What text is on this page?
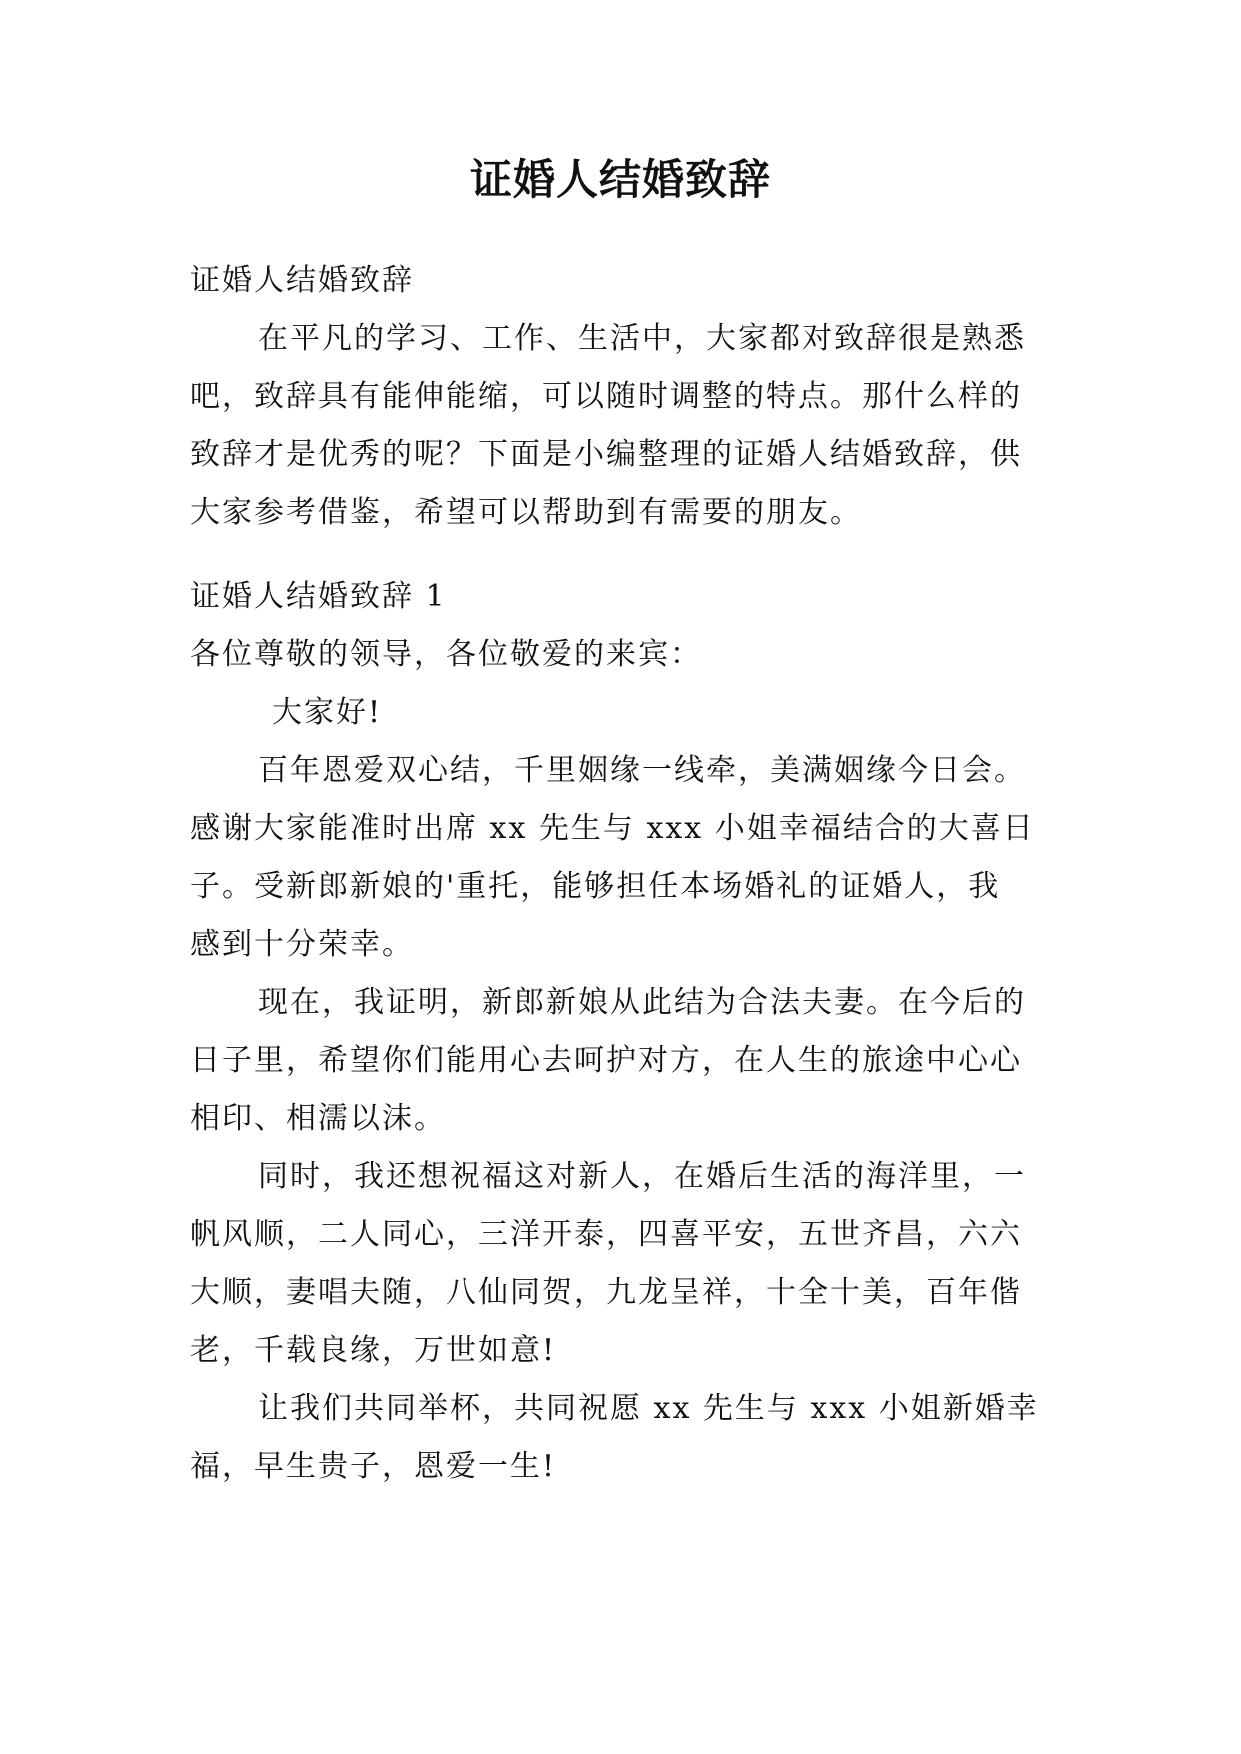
证婚人结婚致辞

证婚人结婚致辞

在平凡的学习、工作、生活中，大家都对致辞很是熟悉

吧，致辞具有能伸能缩，可以随时调整的特点。那什么样的

致辞才是优秀的呢？下面是小编整理的证婚人结婚致辞，供

大家参考借鉴，希望可以帮助到有需要的朋友。

证婚人结婚致辞 1

各位尊敬的领导，各位敬爱的来宾：

大家好!

百年恩爱双心结，千里姻缘一线牵，美满姻缘今日会。

感谢大家能准时出席 xx 先生与 xxx 小姐幸福结合的大喜日

子。受新郎新娘的'重托，能够担任本场婚礼的证婚人，我

感到十分荣幸。

现在，我证明，新郎新娘从此结为合法夫妻。在今后的

日子里，希望你们能用心去呵护对方，在人生的旅途中心心

相印、相濡以沫。

同时，我还想祝福这对新人，在婚后生活的海洋里，一

帆风顺，二人同心，三洋开泰，四喜平安，五世齐昌，六六

大顺，妻唱夫随，八仙同贺，九龙呈祥，十全十美，百年偕

老，千载良缘，万世如意!

让我们共同举杯，共同祝愿 xx 先生与 xxx 小姐新婚幸

福，早生贵子，恩爱一生!
